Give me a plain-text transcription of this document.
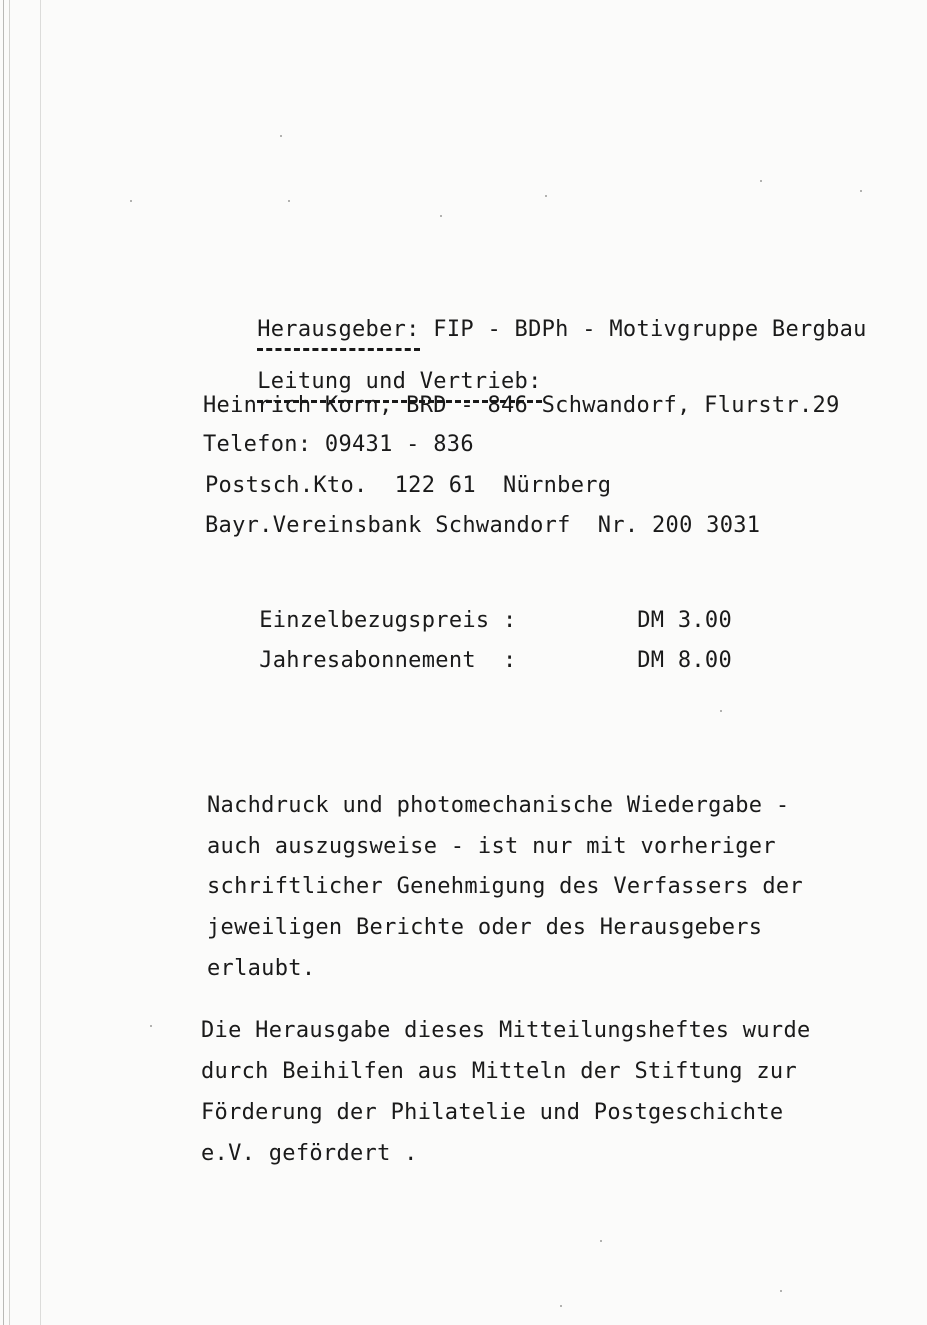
Herausgeber: FIP - BDPh - Motivgruppe Bergbau

Leitung und Vertrieb:

Heinrich Korn, BRD - 846 Schwandorf, Flurstr.29
Telefon: 09431 - 836
Postsch.Kto.  122 61  Nürnberg
Bayr.Vereinsbank Schwandorf  Nr. 200 3031

Einzelbezugspreis :	DM 3.00

Jahresabonnement  :	DM 8.00

Nachdruck und photomechanische Wiedergabe -
auch auszugsweise - ist nur mit vorheriger
schriftlicher Genehmigung des Verfassers der
jeweiligen Berichte oder des Herausgebers
erlaubt.
Die Herausgabe dieses Mitteilungsheftes wurde
durch Beihilfen aus Mitteln der Stiftung zur
Förderung der Philatelie und Postgeschichte
e.V. gefördert .
